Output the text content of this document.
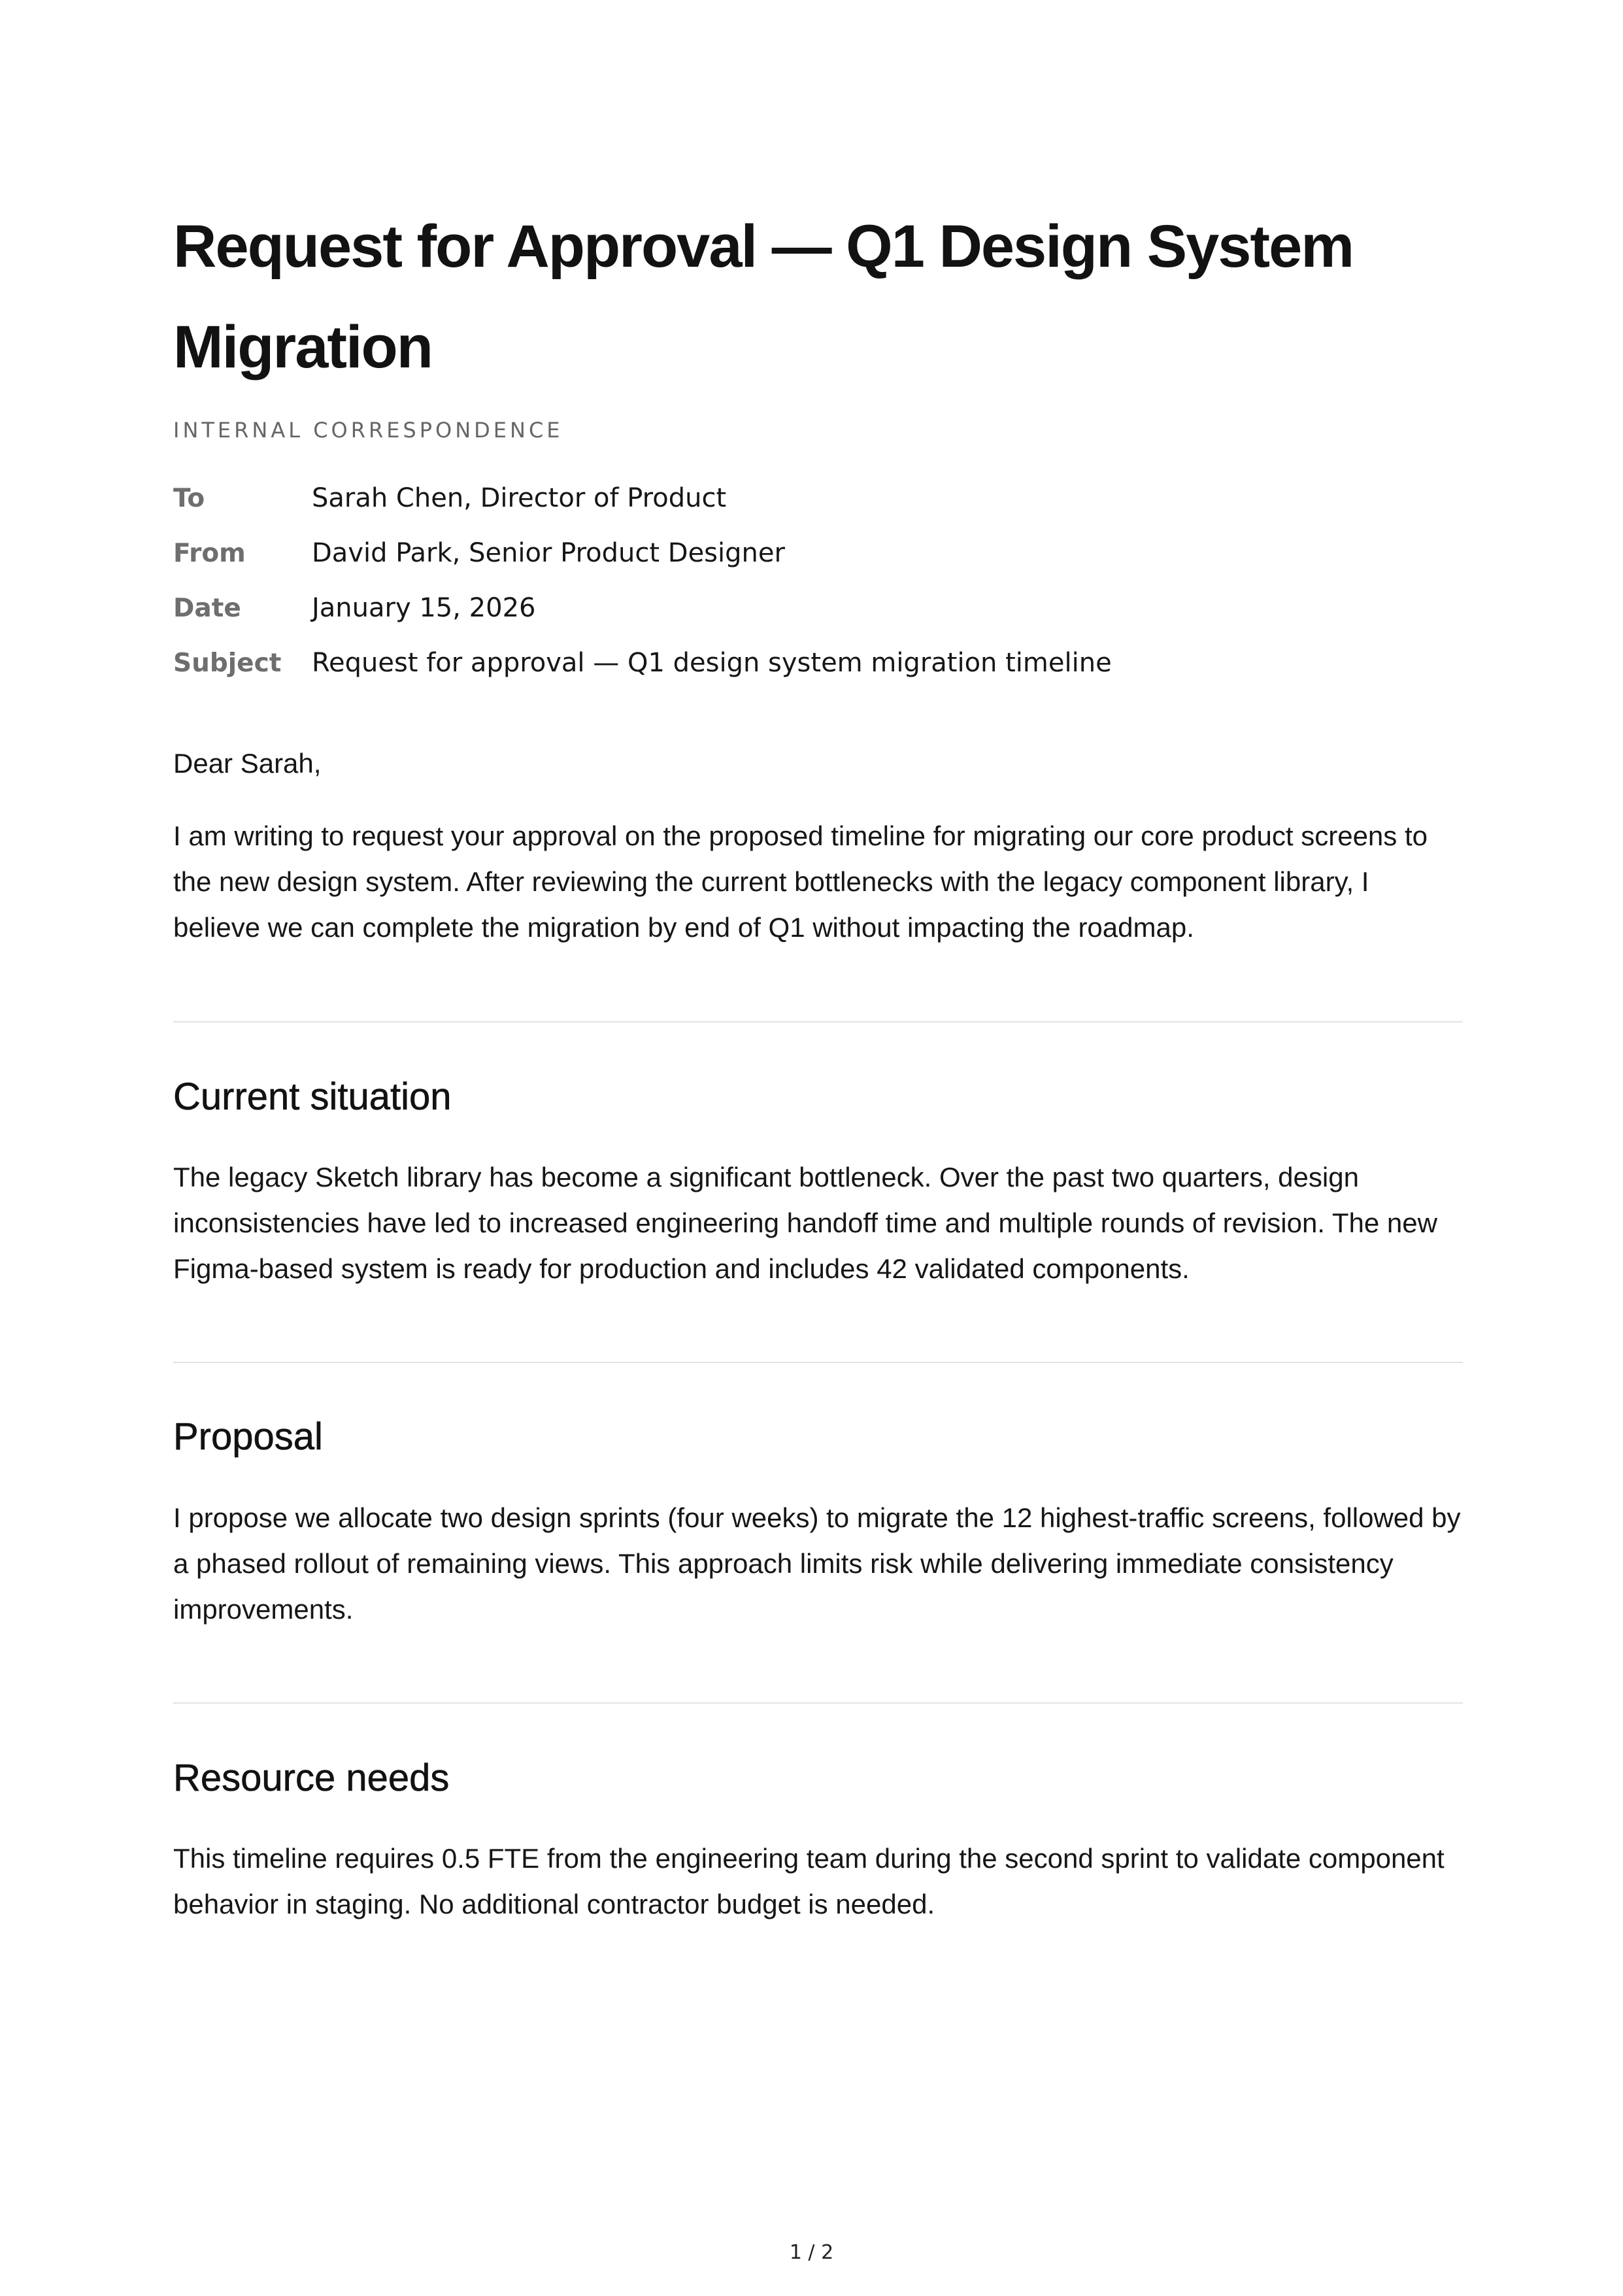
Request for Approval — Q1 Design System Migration
INTERNAL CORRESPONDENCE
To	Sarah Chen, Director of Product
From	David Park, Senior Product Designer
Date	January 15, 2026
Subject	Request for approval — Q1 design system migration timeline

Dear Sarah,

I am writing to request your approval on the proposed timeline for migrating our core product screens to the new design system. After reviewing the current bottlenecks with the legacy component library, I believe we can complete the migration by end of Q1 without impacting the roadmap.

Current situation

The legacy Sketch library has become a significant bottleneck. Over the past two quarters, design inconsistencies have led to increased engineering handoff time and multiple rounds of revision. The new Figma-based system is ready for production and includes 42 validated components.

Proposal

I propose we allocate two design sprints (four weeks) to migrate the 12 highest-traffic screens, followed by a phased rollout of remaining views. This approach limits risk while delivering immediate consistency improvements.

Resource needs

This timeline requires 0.5 FTE from the engineering team during the second sprint to validate component behavior in staging. No additional contractor budget is needed.

1 / 2
